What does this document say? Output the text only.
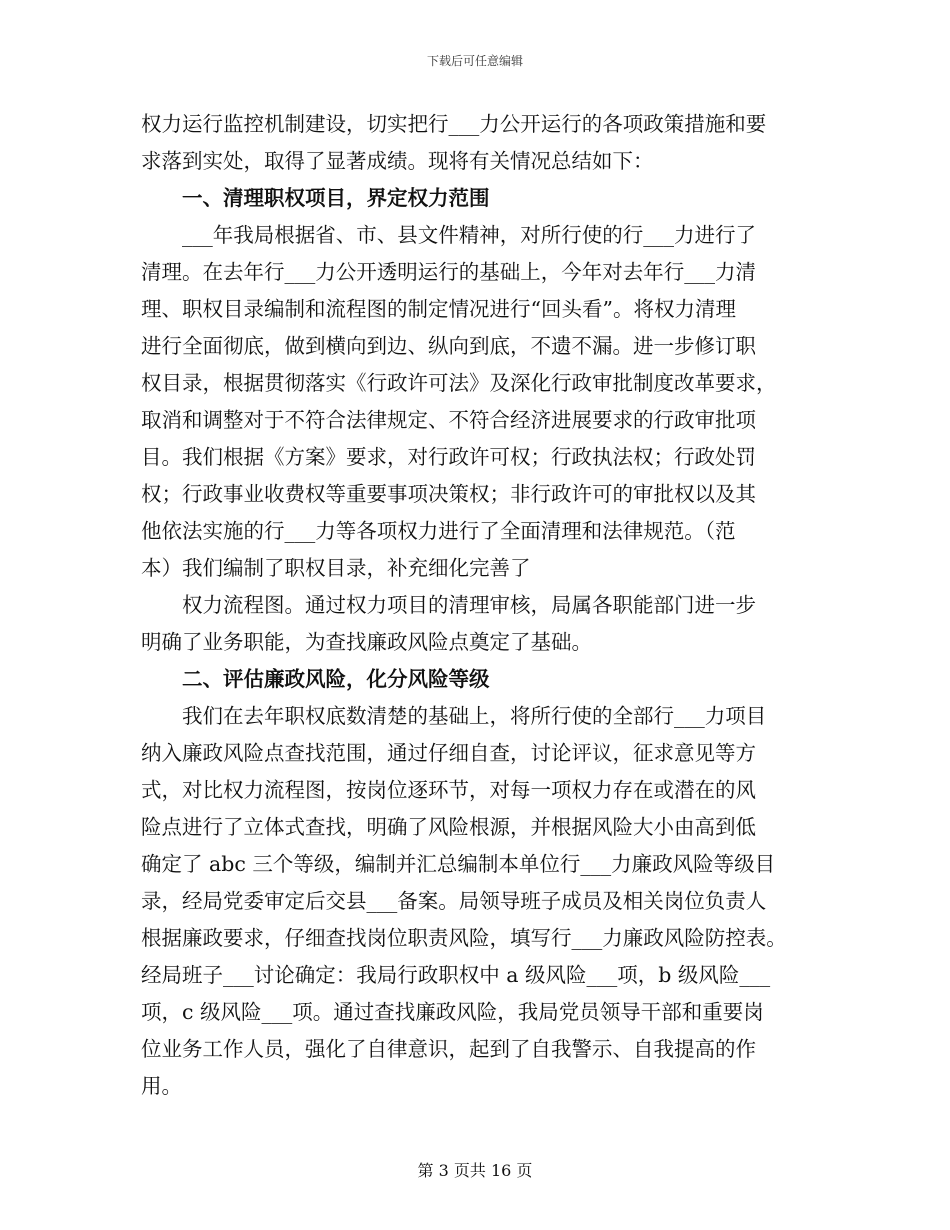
下载后可任意编辑
权力运行监控机制建设，切实把行___力公开运行的各项政策措施和要
求落到实处，取得了显著成绩。现将有关情况总结如下：
一、清理职权项目，界定权力范围
___年我局根据省、市、县文件精神，对所行使的行___力进行了
清理。在去年行___力公开透明运行的基础上，今年对去年行___力清
理、职权目录编制和流程图的制定情况进行“回头看”。将权力清理
进行全面彻底，做到横向到边、纵向到底，不遗不漏。进一步修订职
权目录，根据贯彻落实《行政许可法》及深化行政审批制度改革要求，
取消和调整对于不符合法律规定、不符合经济进展要求的行政审批项
目。我们根据《方案》要求，对行政许可权；行政执法权；行政处罚
权；行政事业收费权等重要事项决策权；非行政许可的审批权以及其
他依法实施的行___力等各项权力进行了全面清理和法律规范。（范
本）我们编制了职权目录，补充细化完善了
权力流程图。通过权力项目的清理审核，局属各职能部门进一步
明确了业务职能，为查找廉政风险点奠定了基础。
二、评估廉政风险，化分风险等级
我们在去年职权底数清楚的基础上，将所行使的全部行___力项目
纳入廉政风险点查找范围，通过仔细自查，讨论评议，征求意见等方
式，对比权力流程图，按岗位逐环节，对每一项权力存在或潜在的风
险点进行了立体式查找，明确了风险根源，并根据风险大小由高到低
确定了 abc 三个等级，编制并汇总编制本单位行___力廉政风险等级目
录，经局党委审定后交县___备案。局领导班子成员及相关岗位负责人
根据廉政要求，仔细查找岗位职责风险，填写行___力廉政风险防控表。
经局班子___讨论确定：我局行政职权中 a 级风险___项，b 级风险___
项，c 级风险___项。通过查找廉政风险，我局党员领导干部和重要岗
位业务工作人员，强化了自律意识，起到了自我警示、自我提高的作
用。
第 3 页共 16 页
